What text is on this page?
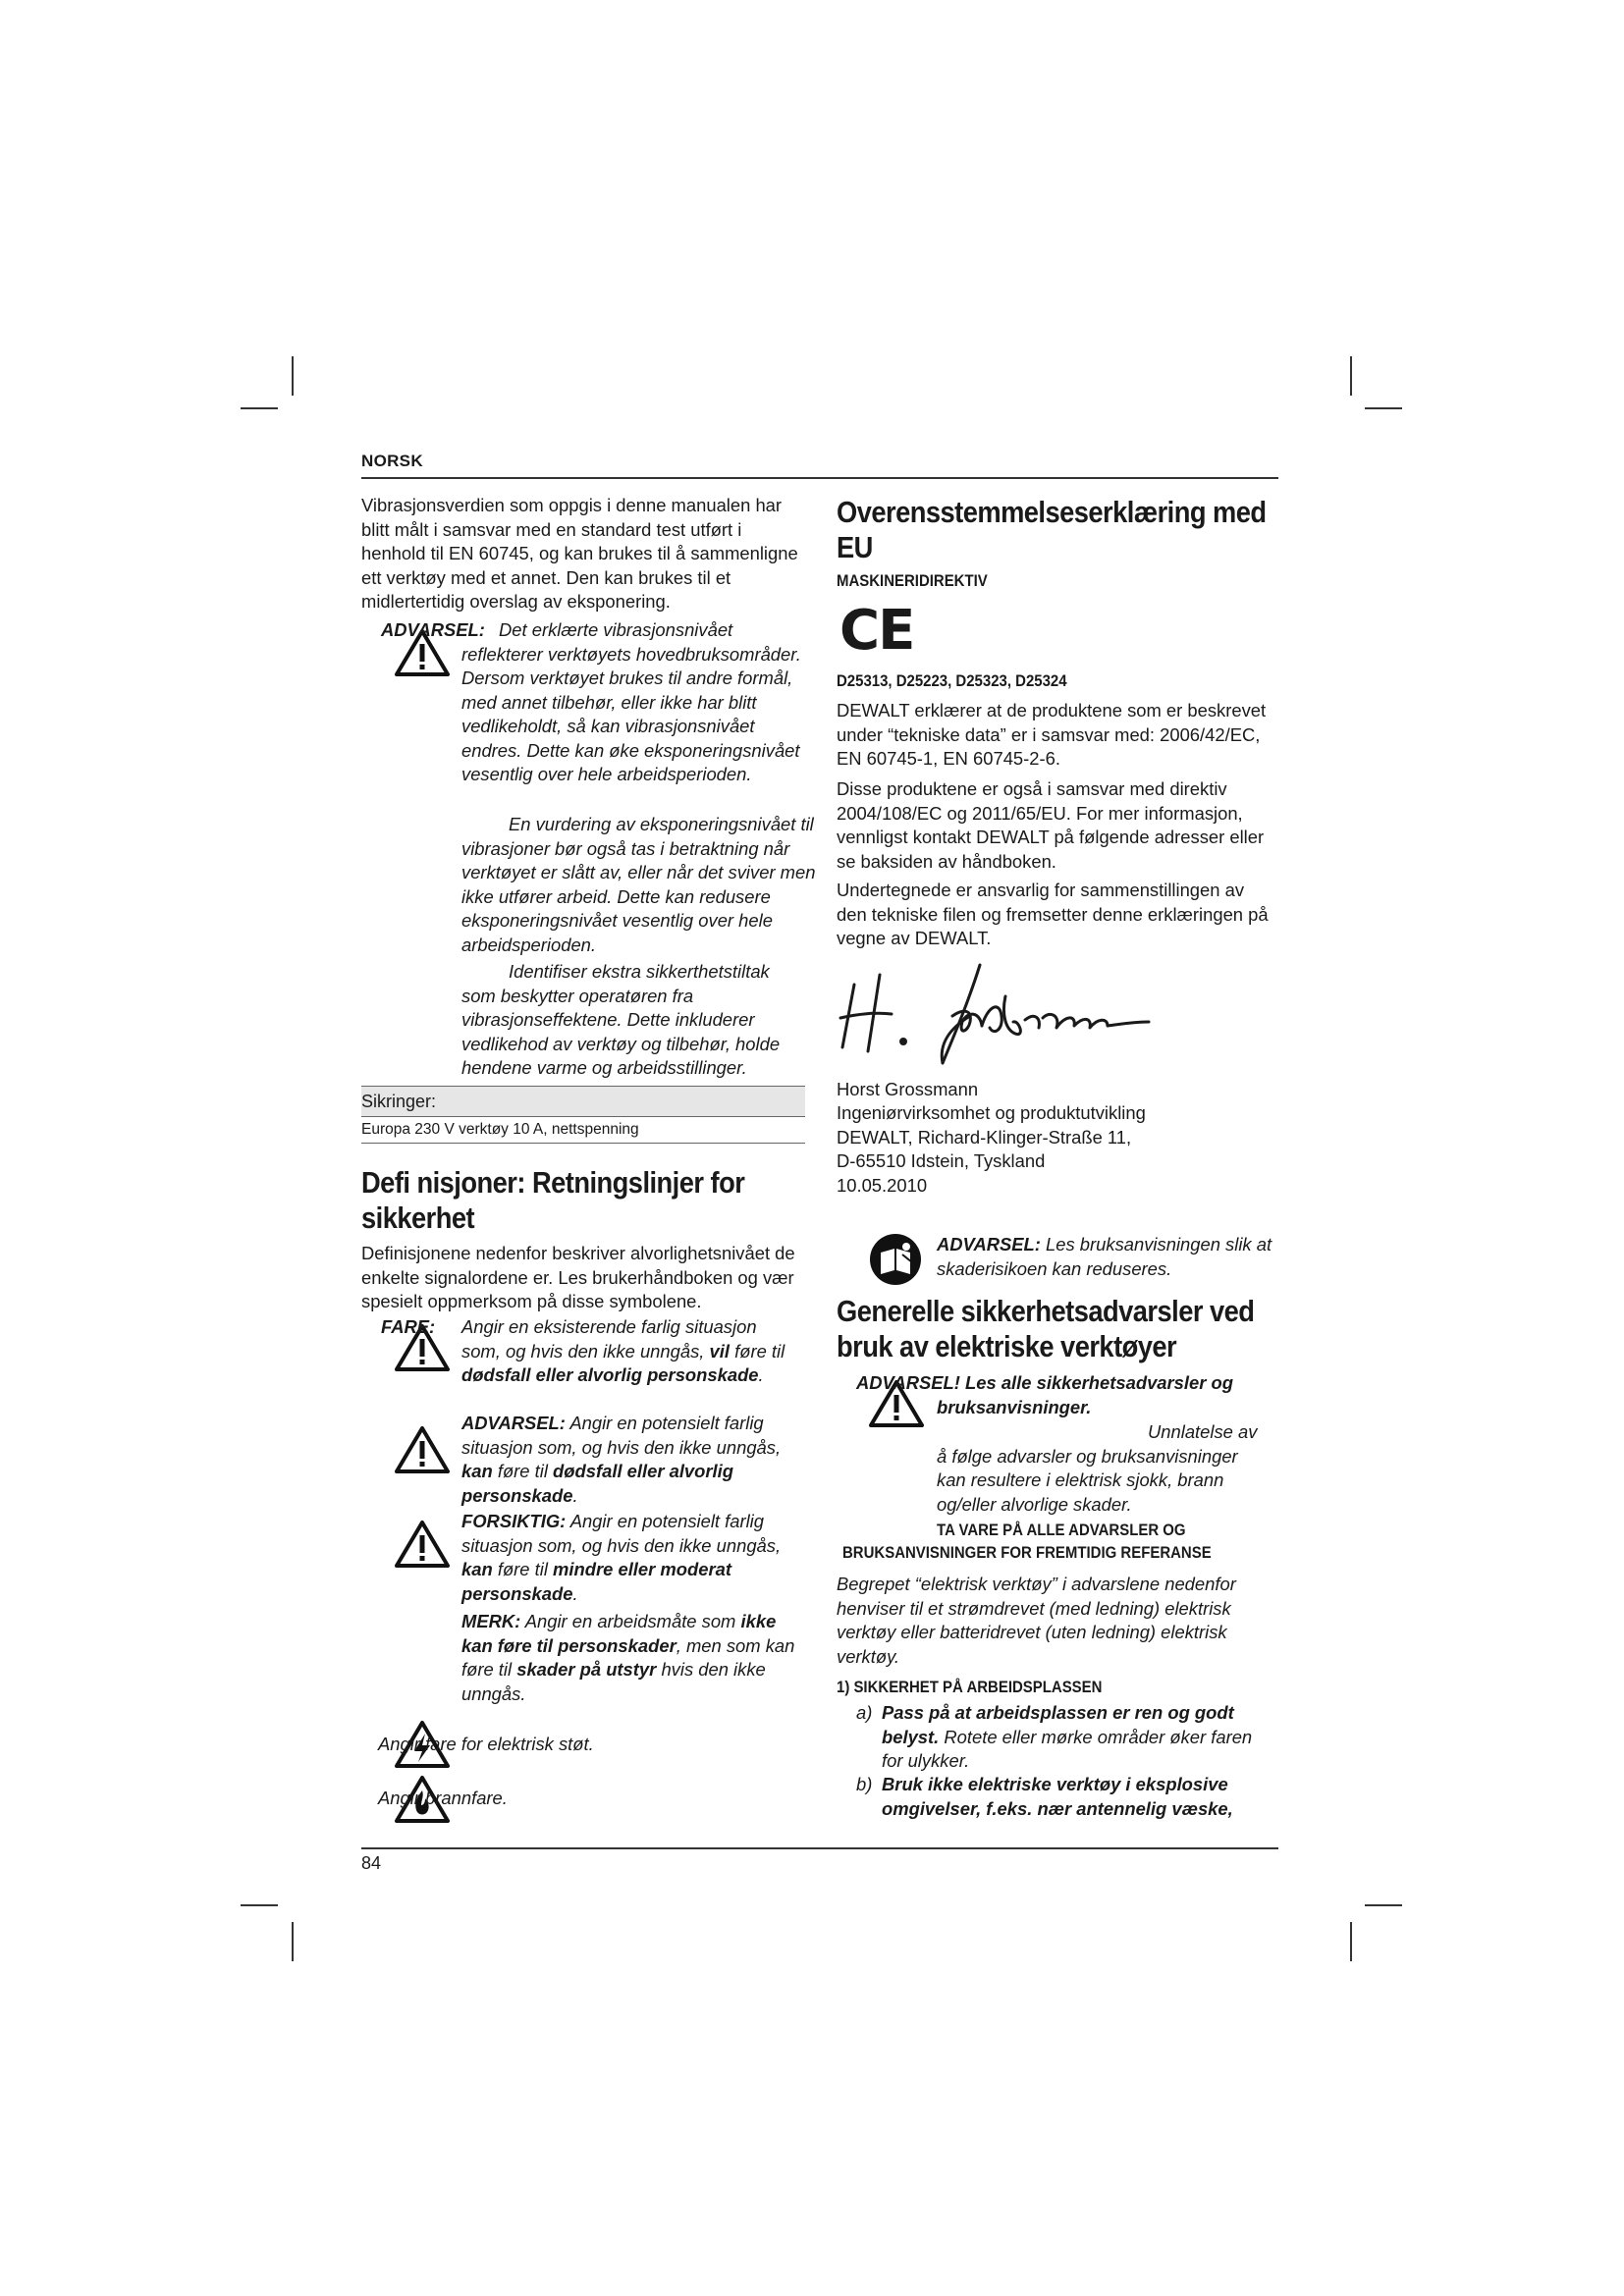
NORSK

Vibrasjonsverdien som oppgis i denne manualen har blitt målt i samsvar med en standard test utført i henhold til EN 60745, og kan brukes til å sammenligne ett verktøy med et annet. Den kan brukes til et midlertertidig overslag av eksponering.

ADVARSEL: Det erklærte vibrasjonsnivået reflekterer verktøyets hovedbruksområder. Dersom verktøyet brukes til andre formål, med annet tilbehør, eller ikke har blitt vedlikeholdt, så kan vibrasjonsnivået endres. Dette kan øke eksponeringsnivået vesentlig over hele arbeidsperioden.

En vurdering av eksponeringsnivået til vibrasjoner bør også tas i betraktning når verktøyet er slått av, eller når det sviver men ikke utfører arbeid. Dette kan redusere eksponeringsnivået vesentlig over hele arbeidsperioden.

Identifiser ekstra sikkerthetstiltak som beskytter operatøren fra vibrasjonseffektene. Dette inkluderer vedlikehod av verktøy og tilbehør, holde hendene varme og arbeidsstillinger.

Sikringer:
Europa 230 V verktøy 10 A, nettspenning
Defi nisjoner: Retningslinjer for sikkerhet

Definisjonene nedenfor beskriver alvorlighetsnivået de enkelte signalordene er. Les brukerhåndboken og vær spesielt oppmerksom på disse symbolene.

FARE:	Angir en eksisterende farlig situasjon som, og hvis den ikke unngås, vil føre til dødsfall eller alvorlig personskade.

ADVARSEL: Angir en potensielt farlig situasjon som, og hvis den ikke unngås, kan føre til dødsfall eller alvorlig personskade.

FORSIKTIG: Angir en potensielt farlig situasjon som, og hvis den ikke unngås, kan føre til mindre eller moderat personskade.

MERK: Angir en arbeidsmåte som ikke kan føre til personskader, men som kan føre til skader på utstyr hvis den ikke unngås.

Angir fare for elektrisk støt.

Angir brannfare.

Overensstemmelseserklæring med EU
MASKINERIDIREKTIV
CE
D25313, D25223, D25323, D25324

DEWALT erklærer at de produktene som er beskrevet under “tekniske data” er i samsvar med: 2006/42/EC, EN 60745-1, EN 60745-2-6.

Disse produktene er også i samsvar med direktiv 2004/108/EC og 2011/65/EU. For mer informasjon, vennligst kontakt DEWALT på følgende adresser eller se baksiden av håndboken.

Undertegnede er ansvarlig for sammenstillingen av den tekniske filen og fremsetter denne erklæringen på vegne av DEWALT.

Horst Grossmann

Ingeniørvirksomhet og produktutvikling

DEWALT, Richard-Klinger-Straße 11,

D-65510 Idstein, Tyskland

10.05.2010

ADVARSEL: Les bruksanvisningen slik at skaderisikoen kan reduseres.

Generelle sikkerhetsadvarsler ved bruk av elektriske verktøyer

ADVARSEL! Les alle sikkerhetsadvarsler og bruksanvisninger.

Unnlatelse av å følge advarsler og bruksanvisninger kan resultere i elektrisk sjokk, brann og/eller alvorlige skader.

TA VARE PÅ ALLE ADVARSLER OG
BRUKSANVISNINGER FOR FREMTIDIG REFERANSE

Begrepet “elektrisk verktøy” i advarslene nedenfor henviser til et strømdrevet (med ledning) elektrisk verktøy eller batteridrevet (uten ledning) elektrisk verktøy.

1) SIKKERHET PÅ ARBEIDSPLASSEN

a) Pass på at arbeidsplassen er ren og godt belyst. Rotete eller mørke områder øker faren for ulykker.

b) Bruk ikke elektriske verktøy i eksplosive omgivelser, f.eks. nær antennelig væske,

84
